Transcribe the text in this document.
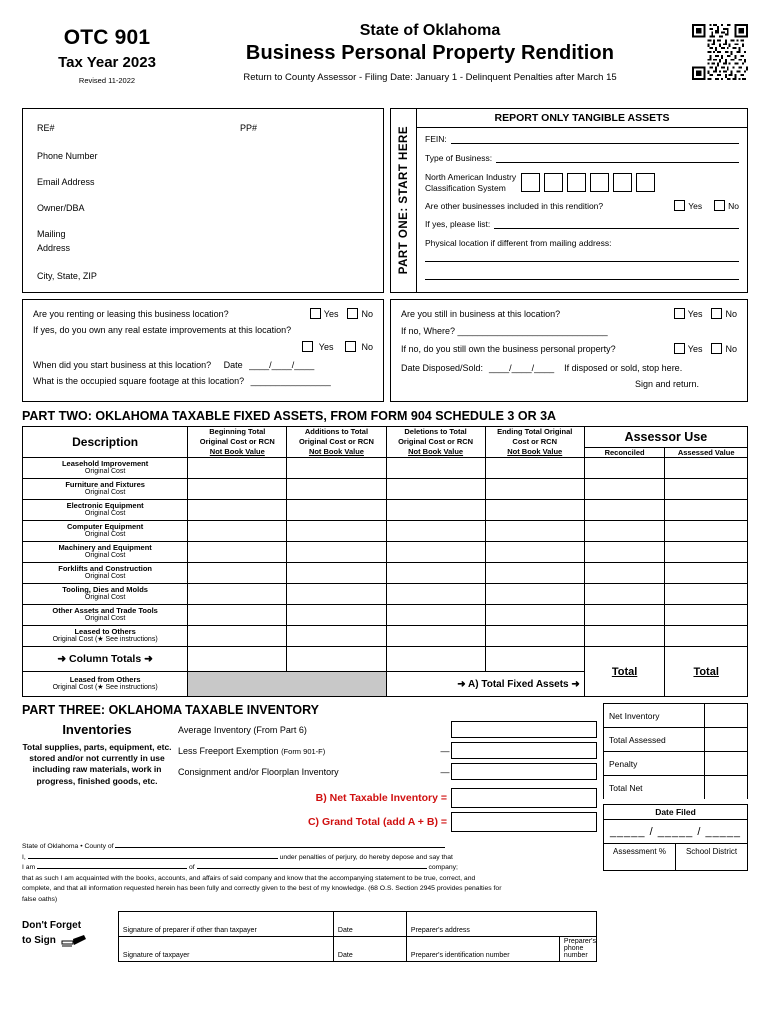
OTC 901
Tax Year 2023
Revised 11-2022
State of Oklahoma
Business Personal Property Rendition
Return to County Assessor - Filing Date: January 1 - Delinquent Penalties after March 15
RE#	PP#
Phone Number
Email Address
Owner/DBA
Mailing
Address
City, State, ZIP
PART ONE: START HERE
REPORT ONLY TANGIBLE ASSETS
FEIN:
Type of Business:
North American Industry
Classification System
Are other businesses included in this rendition?	Yes	No
If yes, please list:
Physical location if different from mailing address:
Are you renting or leasing this business location?	Yes	No
If yes, do you own any real estate improvements at this location?
Yes	No
When did you start business at this location? Date ____/____/____
What is the occupied square footage at this location? ________________
Are you still in business at this location?	Yes	No
If no, Where? ______________________________
If no, do you still own the business personal property?	Yes	No
Date Disposed/Sold: ____/____/____ If disposed or sold, stop here.
Sign and return.
PART TWO: OKLAHOMA TAXABLE FIXED ASSETS, FROM FORM 904 SCHEDULE 3 OR 3A
Description	
Beginning Total
Original Cost or RCN
Not Book Value

Additions to Total
Original Cost or RCN
Not Book Value

Deletions to Total
Original Cost or RCN
Not Book Value

Ending Total Original
Cost or RCN
Not Book Value
	Assessor Use
					Reconciled	Assessed Value

Leasehold Improvement
Original Cost						

Furniture and Fixtures
Original Cost						

Electronic Equipment
Original Cost						

Computer Equipment
Original Cost						

Machinery and Equipment
Original Cost						

Forklifts and Construction
Original Cost						

Tooling, Dies and Molds
Original Cost						

Other Assets and Trade Tools
Original Cost						

Leased to Others
Original Cost (★ See instructions)						

➜ Column Totals ➜					Total	Total

Leased from Others
Original Cost (★ See instructions)			➜ A) Total Fixed Assets ➜			
PART THREE: OKLAHOMA TAXABLE INVENTORY
Inventories
Total supplies, parts, equipment, etc. stored and/or not currently in use including raw materials, work in progress, finished goods, etc.
Average Inventory (From Part 6)
Less Freeport Exemption (Form 901-F)	—
Consignment and/or Floorplan Inventory	—
B) Net Taxable Inventory =
C) Grand Total (add A + B) =
State of Oklahoma • County of
I,	under penalties of perjury, do hereby depose and say that
I am	of	company;
that as such I am acquainted with the books, accounts, and affairs of said company and know that the accompanying statement to be true, correct, and
complete, and that all information requested herein has been fully and correctly given to the best of my knowledge. (68 O.S. Section 2945 provides penalties for
false oaths)
Don't Forget
to Sign
Signature of preparer if other than taxpayer	Date	Preparer's address
Signature of taxpayer	Date	Preparer's identification number
Preparer's phone number
Net Inventory
Total Assessed
Penalty
Total Net
Date Filed
_____ / _____ / _____
Assessment %	School District
